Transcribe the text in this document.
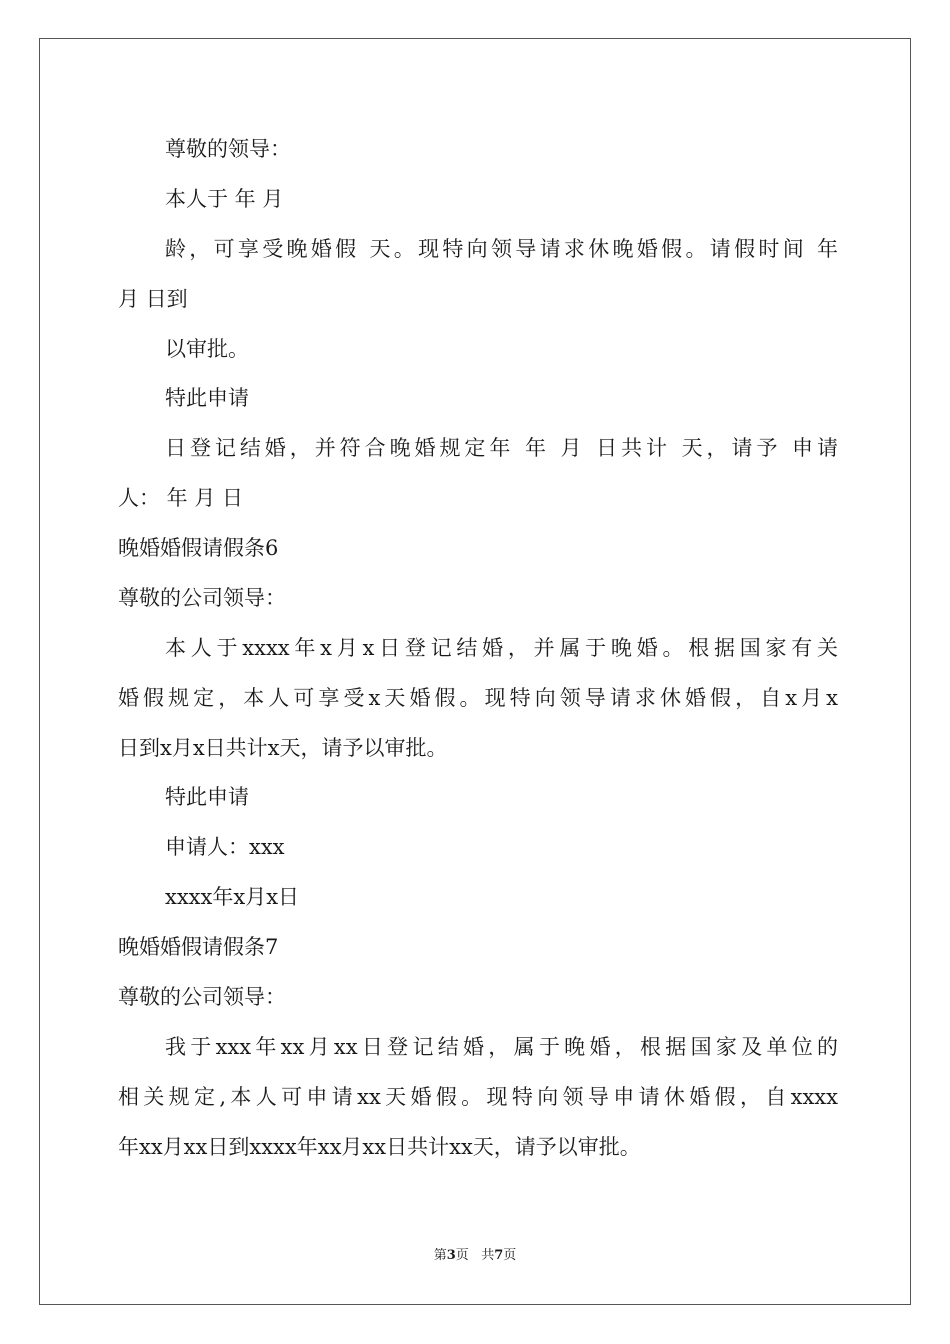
尊敬的领导：
本人于 年 月
龄，可享受晚婚假 天。现特向领导请求休晚婚假。请假时间 年
月 日到
以审批。
特此申请
日登记结婚，并符合晚婚规定年 年 月 日共计 天，请予 申请
人： 年 月 日
晚婚婚假请假条6
尊敬的公司领导：
本人于xxxx年x月x日登记结婚，并属于晚婚。根据国家有关
婚假规定，本人可享受x天婚假。现特向领导请求休婚假，自x月x
日到x月x日共计x天，请予以审批。
特此申请
申请人：xxx
xxxx年x月x日
晚婚婚假请假条7
尊敬的公司领导：
我于xxx年xx月xx日登记结婚，属于晚婚，根据国家及单位的
相关规定,本人可申请xx天婚假。现特向领导申请休婚假，自xxxx
年xx月xx日到xxxx年xx月xx日共计xx天，请予以审批。
第3页 共7页
